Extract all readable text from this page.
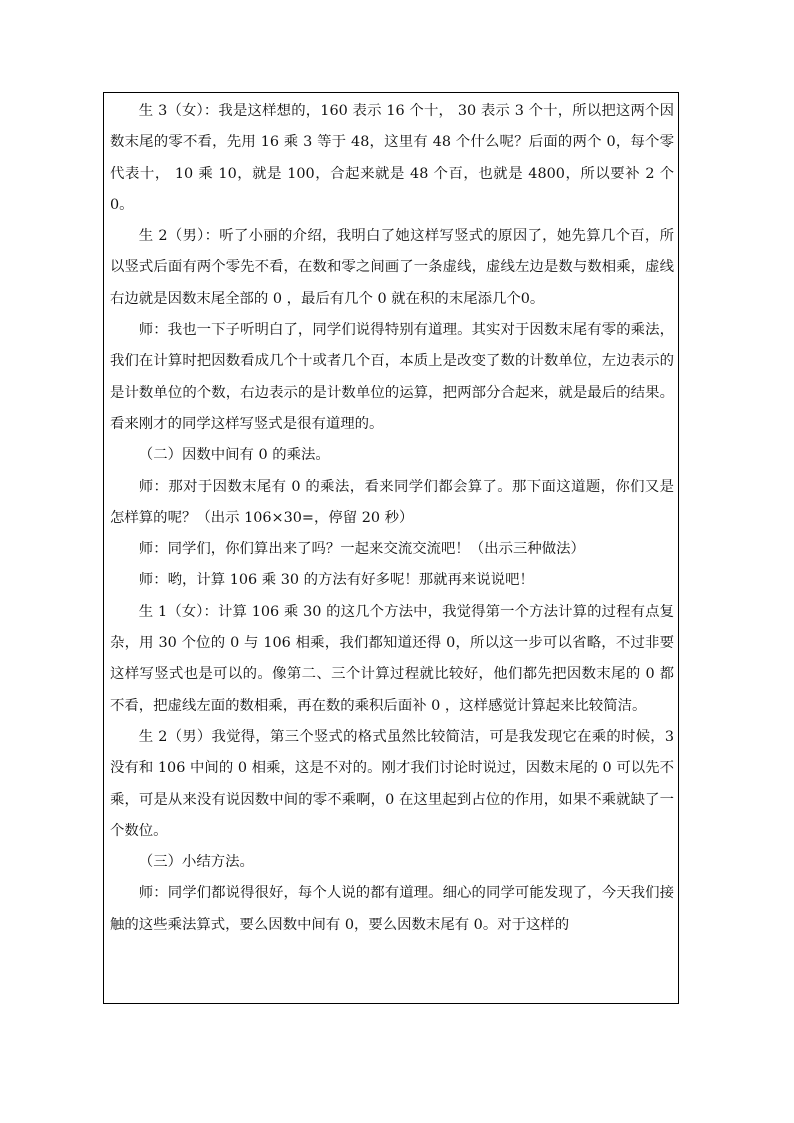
生 3（女）：我是这样想的，160 表示 16 个十， 30 表示 3 个十，所以把这两个因数末尾的零不看，先用 16 乘 3 等于 48，这里有 48 个什么呢？后面的两个 0，每个零代表十， 10 乘 10，就是 100，合起来就是 48 个百，也就是 4800，所以要补 2 个 0。

生 2（男）：听了小丽的介绍，我明白了她这样写竖式的原因了，她先算几个百，所以竖式后面有两个零先不看，在数和零之间画了一条虚线，虚线左边是数与数相乘，虚线右边就是因数末尾全部的 0 ，最后有几个 0 就在积的末尾添几个0。

师：我也一下子听明白了，同学们说得特别有道理。其实对于因数末尾有零的乘法，我们在计算时把因数看成几个十或者几个百，本质上是改变了数的计数单位，左边表示的是计数单位的个数，右边表示的是计数单位的运算，把两部分合起来，就是最后的结果。看来刚才的同学这样写竖式是很有道理的。

（二）因数中间有 0 的乘法。

师：那对于因数末尾有 0 的乘法，看来同学们都会算了。那下面这道题，你们又是怎样算的呢？（出示 106×30=，停留 20 秒）

师：同学们，你们算出来了吗？一起来交流交流吧！（出示三种做法）

师：哟，计算 106 乘 30 的方法有好多呢！那就再来说说吧！

生 1（女）：计算 106 乘 30 的这几个方法中，我觉得第一个方法计算的过程有点复杂，用 30 个位的 0 与 106 相乘，我们都知道还得 0，所以这一步可以省略，不过非要这样写竖式也是可以的。像第二、三个计算过程就比较好，他们都先把因数末尾的 0 都不看，把虚线左面的数相乘，再在数的乘积后面补 0 ，这样感觉计算起来比较简洁。

生 2（男）我觉得，第三个竖式的格式虽然比较简洁，可是我发现它在乘的时候，3 没有和 106 中间的 0 相乘，这是不对的。刚才我们讨论时说过，因数末尾的 0 可以先不乘，可是从来没有说因数中间的零不乘啊，0 在这里起到占位的作用，如果不乘就缺了一个数位。

（三）小结方法。

师：同学们都说得很好，每个人说的都有道理。细心的同学可能发现了，今天我们接触的这些乘法算式，要么因数中间有 0，要么因数末尾有 0。对于这样的
